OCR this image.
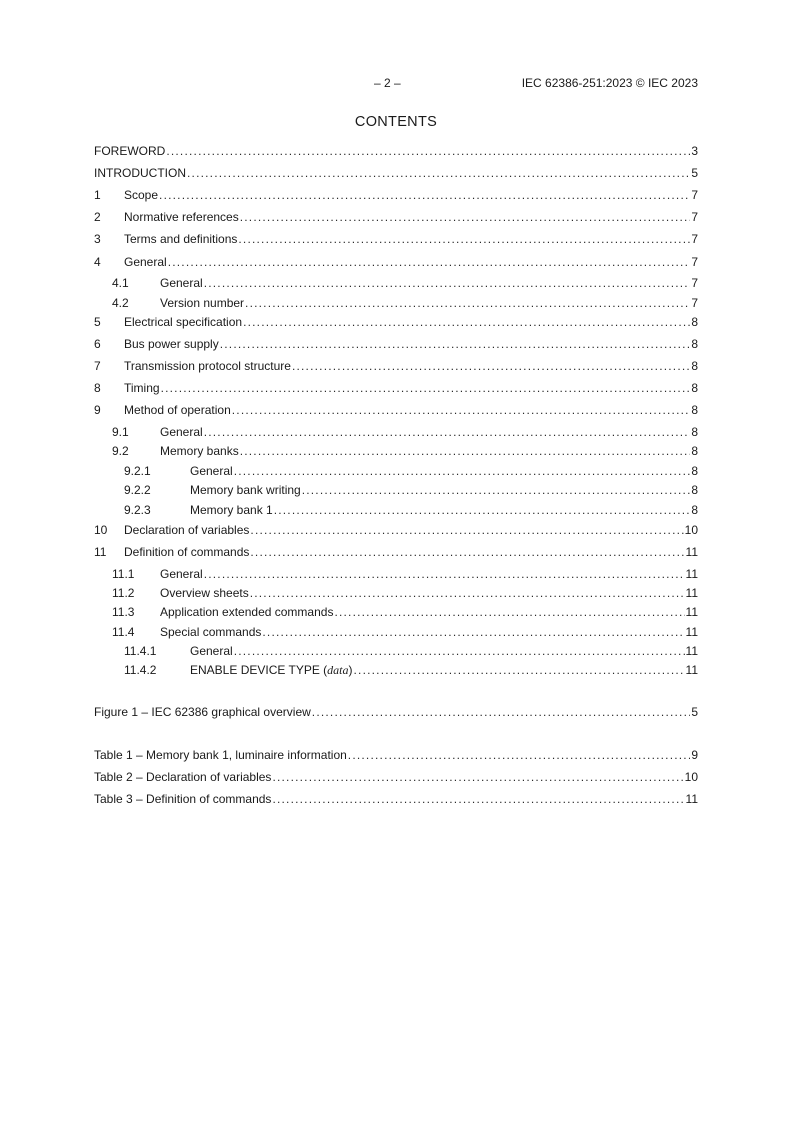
– 2 –	IEC 62386-251:2023 © IEC 2023
CONTENTS
FOREWORD .....	3
INTRODUCTION .....	5
1	Scope .....	7
2	Normative references .....	7
3	Terms and definitions .....	7
4	General .....	7
4.1	General .....	7
4.2	Version number .....	7
5	Electrical specification .....	8
6	Bus power supply .....	8
7	Transmission protocol structure .....	8
8	Timing .....	8
9	Method of operation .....	8
9.1	General .....	8
9.2	Memory banks .....	8
9.2.1	General .....	8
9.2.2	Memory bank writing .....	8
9.2.3	Memory bank 1 .....	8
10	Declaration of variables .....	10
11	Definition of commands .....	11
11.1	General .....	11
11.2	Overview sheets .....	11
11.3	Application extended commands .....	11
11.4	Special commands .....	11
11.4.1	General .....	11
11.4.2	ENABLE DEVICE TYPE (data) .....	11
Figure 1 – IEC 62386 graphical overview .....	5
Table 1 – Memory bank 1, luminaire information .....	9
Table 2 – Declaration of variables .....	10
Table 3 – Definition of commands .....	11
